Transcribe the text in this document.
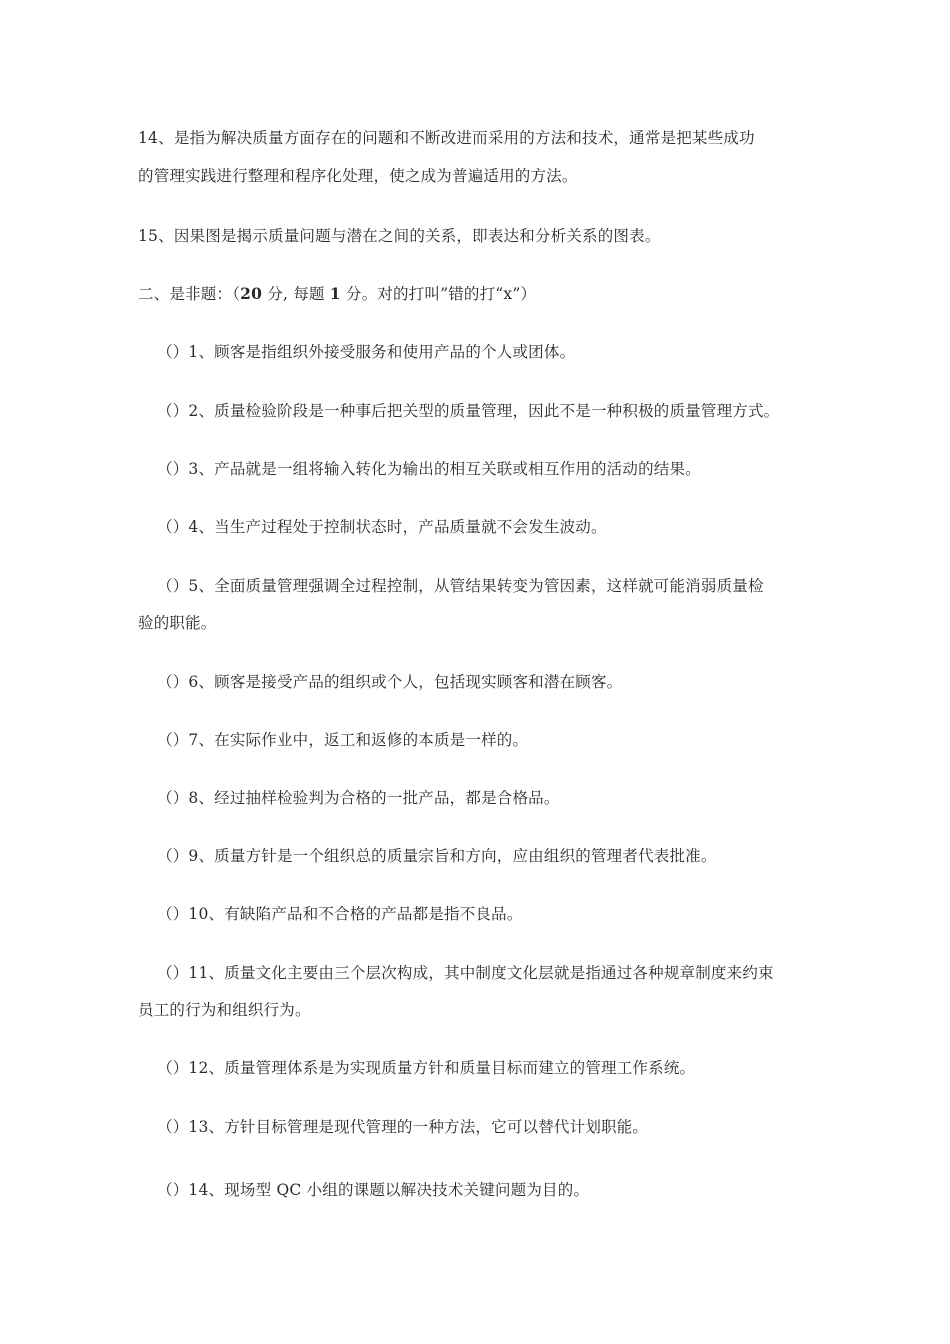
14、是指为解决质量方面存在的问题和不断改进而采用的方法和技术，通常是把某些成功
的管理实践进行整理和程序化处理，使之成为普遍适用的方法。
15、因果图是揭示质量问题与潜在之间的关系，即表达和分析关系的图表。
二、是非题：（20 分, 每题 1 分。对的打叫”错的打“x”）
（）1、顾客是指组织外接受服务和使用产品的个人或团体。
（）2、质量检验阶段是一种事后把关型的质量管理，因此不是一种积极的质量管理方式。
（）3、产品就是一组将输入转化为输出的相互关联或相互作用的活动的结果。
（）4、当生产过程处于控制状态时，产品质量就不会发生波动。
（）5、全面质量管理强调全过程控制，从管结果转变为管因素，这样就可能消弱质量检
验的职能。
（）6、顾客是接受产品的组织或个人，包括现实顾客和潜在顾客。
（）7、在实际作业中，返工和返修的本质是一样的。
（）8、经过抽样检验判为合格的一批产品，都是合格品。
（）9、质量方针是一个组织总的质量宗旨和方向，应由组织的管理者代表批准。
（）10、有缺陷产品和不合格的产品都是指不良品。
（）11、质量文化主要由三个层次构成，其中制度文化层就是指通过各种规章制度来约束
员工的行为和组织行为。
（）12、质量管理体系是为实现质量方针和质量目标而建立的管理工作系统。
（）13、方针目标管理是现代管理的一种方法，它可以替代计划职能。
（）14、现场型 QC 小组的课题以解决技术关键问题为目的。
